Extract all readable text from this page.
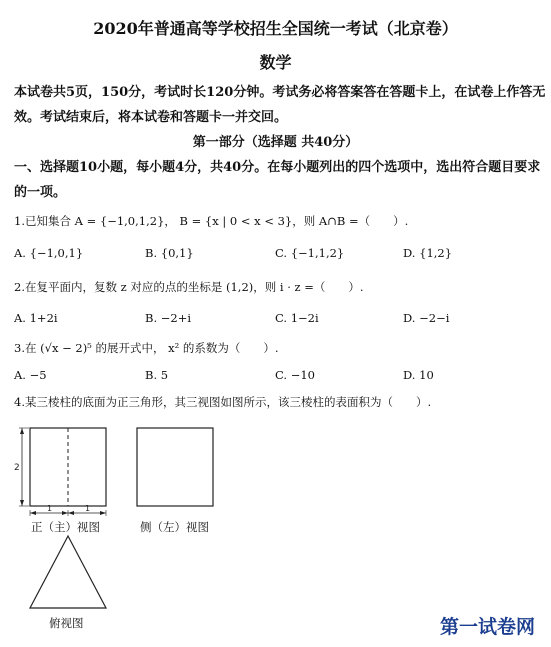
2020年普通高等学校招生全国统一考试（北京卷）
数学
本试卷共5页，150分，考试时长120分钟。考试务必将答案答在答题卡上，在试卷上作答无
效。考试结束后，将本试卷和答题卡一并交回。
第一部分（选择题 共40分）
一、选择题10小题，每小题4分，共40分。在每小题列出的四个选项中，选出符合题目要求
的一项。
1.已知集合 A = {−1,0,1,2}， B = {x | 0 < x < 3}，则 A∩B =（　　）.
A. {−1,0,1}	B. {0,1}	C. {−1,1,2}	D. {1,2}
2.在复平面内，复数 z 对应的点的坐标是 (1,2)，则 i · z =（　　）.
A. 1+2i	B. −2+i	C. 1−2i	D. −2−i
3.在 (√x − 2)⁵ 的展开式中， x² 的系数为（　　）.
A. −5	B. 5	C. −10	D. 10
4.某三棱柱的底面为正三角形，其三视图如图所示，该三棱柱的表面积为（　　）.
2
1	1
正（主）视图	侧（左）视图
俯视图	第一试卷网
